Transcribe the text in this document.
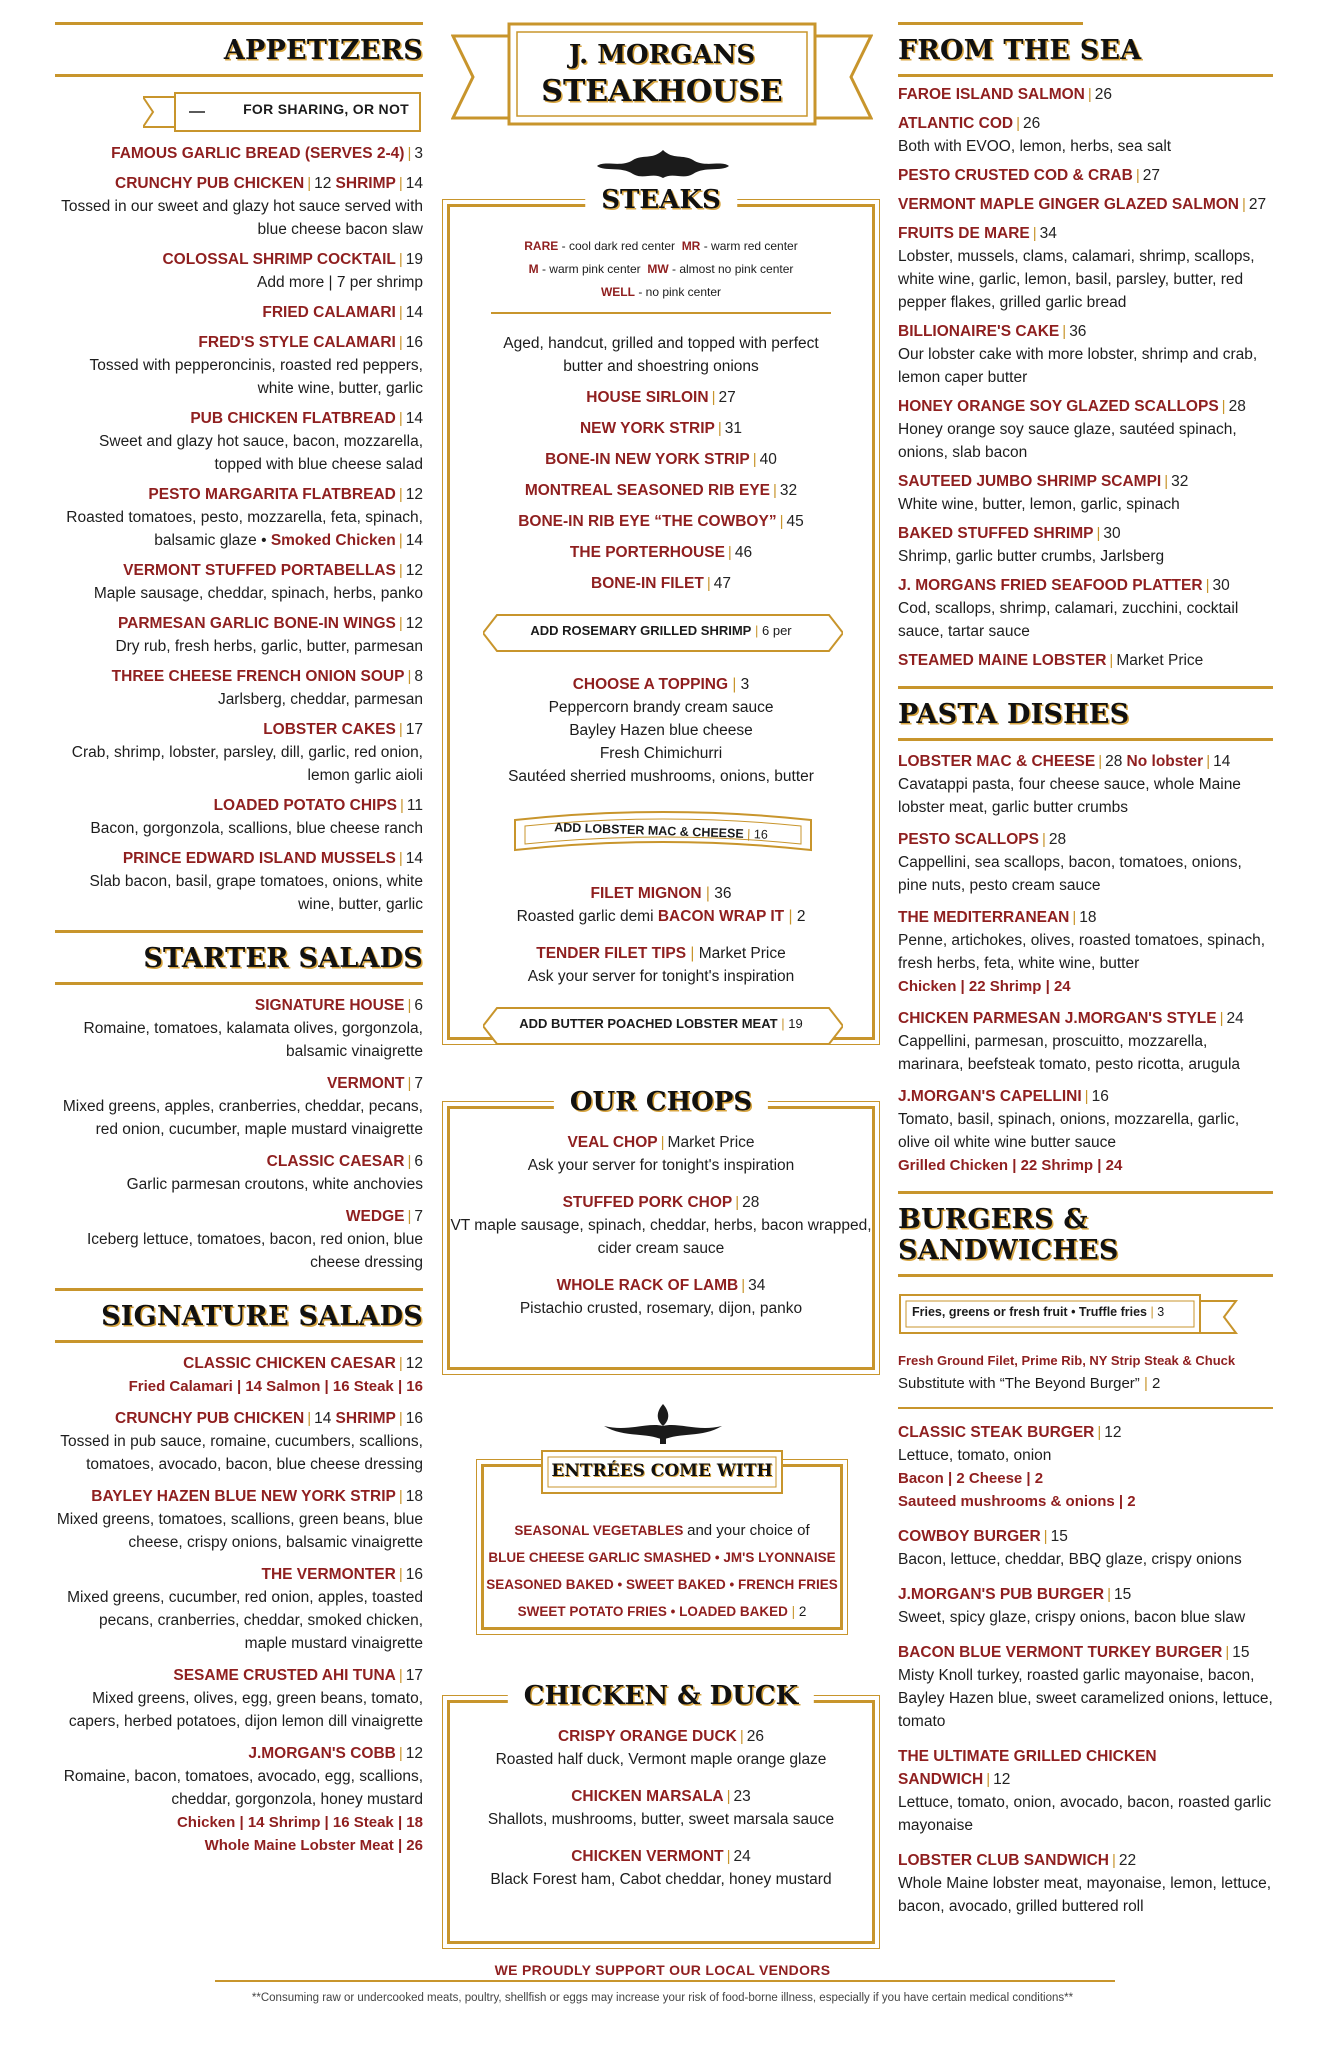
APPETIZERS
FOR SHARING, OR NOT
FAMOUS GARLIC BREAD (SERVES 2-4) | 3
CRUNCHY PUB CHICKEN | 12 SHRIMP | 14
Tossed in our sweet and glazy hot sauce served with blue cheese bacon slaw
COLOSSAL SHRIMP COCKTAIL | 19
Add more | 7 per shrimp
FRIED CALAMARI | 14
FRED'S STYLE CALAMARI | 16
Tossed with pepperoncinis, roasted red peppers, white wine, butter, garlic
PUB CHICKEN FLATBREAD | 14
Sweet and glazy hot sauce, bacon, mozzarella, topped with blue cheese salad
PESTO MARGARITA FLATBREAD | 12
Roasted tomatoes, pesto, mozzarella, feta, spinach, balsamic glaze • Smoked Chicken | 14
VERMONT STUFFED PORTABELLAS | 12
Maple sausage, cheddar, spinach, herbs, panko
PARMESAN GARLIC BONE-IN WINGS | 12
Dry rub, fresh herbs, garlic, butter, parmesan
THREE CHEESE FRENCH ONION SOUP | 8
Jarlsberg, cheddar, parmesan
LOBSTER CAKES | 17
Crab, shrimp, lobster, parsley, dill, garlic, red onion, lemon garlic aioli
LOADED POTATO CHIPS | 11
Bacon, gorgonzola, scallions, blue cheese ranch
PRINCE EDWARD ISLAND MUSSELS | 14
Slab bacon, basil, grape tomatoes, onions, white wine, butter, garlic
STARTER SALADS
SIGNATURE HOUSE | 6
Romaine, tomatoes, kalamata olives, gorgonzola, balsamic vinaigrette
VERMONT | 7
Mixed greens, apples, cranberries, cheddar, pecans, red onion, cucumber, maple mustard vinaigrette
CLASSIC CAESAR | 6
Garlic parmesan croutons, white anchovies
WEDGE | 7
Iceberg lettuce, tomatoes, bacon, red onion, blue cheese dressing
SIGNATURE SALADS
CLASSIC CHICKEN CAESAR | 12
Fried Calamari | 14 Salmon | 16 Steak | 16
CRUNCHY PUB CHICKEN | 14 SHRIMP | 16
Tossed in pub sauce, romaine, cucumbers, scallions, tomatoes, avocado, bacon, blue cheese dressing
BAYLEY HAZEN BLUE NEW YORK STRIP | 18
Mixed greens, tomatoes, scallions, green beans, blue cheese, crispy onions, balsamic vinaigrette
THE VERMONTER | 16
Mixed greens, cucumber, red onion, apples, toasted pecans, cranberries, cheddar, smoked chicken, maple mustard vinaigrette
SESAME CRUSTED AHI TUNA | 17
Mixed greens, olives, egg, green beans, tomato, capers, herbed potatoes, dijon lemon dill vinaigrette
J.MORGAN'S COBB | 12
Romaine, bacon, tomatoes, avocado, egg, scallions, cheddar, gorgonzola, honey mustard
Chicken | 14 Shrimp | 16 Steak | 18
Whole Maine Lobster Meat | 26
J. MORGANS
STEAKHOUSE
STEAKS
RARE - cool dark red center MR - warm red center
M - warm pink center MW - almost no pink center
WELL - no pink center
Aged, handcut, grilled and topped with perfect butter and shoestring onions
HOUSE SIRLOIN | 27
NEW YORK STRIP | 31
BONE-IN NEW YORK STRIP | 40
MONTREAL SEASONED RIB EYE | 32
BONE-IN RIB EYE “THE COWBOY” | 45
THE PORTERHOUSE | 46
BONE-IN FILET | 47
ADD ROSEMARY GRILLED SHRIMP | 6 per
CHOOSE A TOPPING | 3
Peppercorn brandy cream sauce
Bayley Hazen blue cheese
Fresh Chimichurri
Sautéed sherried mushrooms, onions, butter
ADD LOBSTER MAC & CHEESE | 16
FILET MIGNON | 36
Roasted garlic demi BACON WRAP IT | 2
TENDER FILET TIPS | Market Price
Ask your server for tonight's inspiration
ADD BUTTER POACHED LOBSTER MEAT | 19
OUR CHOPS
VEAL CHOP | Market Price
Ask your server for tonight's inspiration
STUFFED PORK CHOP | 28
VT maple sausage, spinach, cheddar, herbs, bacon wrapped, cider cream sauce
WHOLE RACK OF LAMB | 34
Pistachio crusted, rosemary, dijon, panko
ENTRÉES COME WITH
SEASONAL VEGETABLES and your choice of
BLUE CHEESE GARLIC SMASHED • JM'S LYONNAISE
SEASONED BAKED • SWEET BAKED • FRENCH FRIES
SWEET POTATO FRIES • LOADED BAKED | 2
CHICKEN & DUCK
CRISPY ORANGE DUCK | 26
Roasted half duck, Vermont maple orange glaze
CHICKEN MARSALA | 23
Shallots, mushrooms, butter, sweet marsala sauce
CHICKEN VERMONT | 24
Black Forest ham, Cabot cheddar, honey mustard
FROM THE SEA
FAROE ISLAND SALMON | 26
ATLANTIC COD | 26
Both with EVOO, lemon, herbs, sea salt
PESTO CRUSTED COD & CRAB | 27
VERMONT MAPLE GINGER GLAZED SALMON | 27
FRUITS DE MARE | 34
Lobster, mussels, clams, calamari, shrimp, scallops, white wine, garlic, lemon, basil, parsley, butter, red pepper flakes, grilled garlic bread
BILLIONAIRE'S CAKE | 36
Our lobster cake with more lobster, shrimp and crab, lemon caper butter
HONEY ORANGE SOY GLAZED SCALLOPS | 28
Honey orange soy sauce glaze, sautéed spinach, onions, slab bacon
SAUTEED JUMBO SHRIMP SCAMPI | 32
White wine, butter, lemon, garlic, spinach
BAKED STUFFED SHRIMP | 30
Shrimp, garlic butter crumbs, Jarlsberg
J. MORGANS FRIED SEAFOOD PLATTER | 30
Cod, scallops, shrimp, calamari, zucchini, cocktail sauce, tartar sauce
STEAMED MAINE LOBSTER | Market Price
PASTA DISHES
LOBSTER MAC & CHEESE | 28 No lobster | 14
Cavatappi pasta, four cheese sauce, whole Maine lobster meat, garlic butter crumbs
PESTO SCALLOPS | 28
Cappellini, sea scallops, bacon, tomatoes, onions, pine nuts, pesto cream sauce
THE MEDITERRANEAN | 18
Penne, artichokes, olives, roasted tomatoes, spinach, fresh herbs, feta, white wine, butter
Chicken | 22 Shrimp | 24
CHICKEN PARMESAN J.MORGAN'S STYLE | 24
Cappellini, parmesan, proscuitto, mozzarella, marinara, beefsteak tomato, pesto ricotta, arugula
J.MORGAN'S CAPELLINI | 16
Tomato, basil, spinach, onions, mozzarella, garlic, olive oil white wine butter sauce
Grilled Chicken | 22 Shrimp | 24
BURGERS & SANDWICHES
Fries, greens or fresh fruit • Truffle fries | 3
Fresh Ground Filet, Prime Rib, NY Strip Steak & Chuck
Substitute with “The Beyond Burger” | 2
CLASSIC STEAK BURGER | 12
Lettuce, tomato, onion
Bacon | 2 Cheese | 2
Sauteed mushrooms & onions | 2
COWBOY BURGER | 15
Bacon, lettuce, cheddar, BBQ glaze, crispy onions
J.MORGAN'S PUB BURGER | 15
Sweet, spicy glaze, crispy onions, bacon blue slaw
BACON BLUE VERMONT TURKEY BURGER | 15
Misty Knoll turkey, roasted garlic mayonaise, bacon, Bayley Hazen blue, sweet caramelized onions, lettuce, tomato
THE ULTIMATE GRILLED CHICKEN SANDWICH | 12
Lettuce, tomato, onion, avocado, bacon, roasted garlic mayonaise
LOBSTER CLUB SANDWICH | 22
Whole Maine lobster meat, mayonaise, lemon, lettuce, bacon, avocado, grilled buttered roll
WE PROUDLY SUPPORT OUR LOCAL VENDORS
**Consuming raw or undercooked meats, poultry, shellfish or eggs may increase your risk of food-borne illness, especially if you have certain medical conditions**
